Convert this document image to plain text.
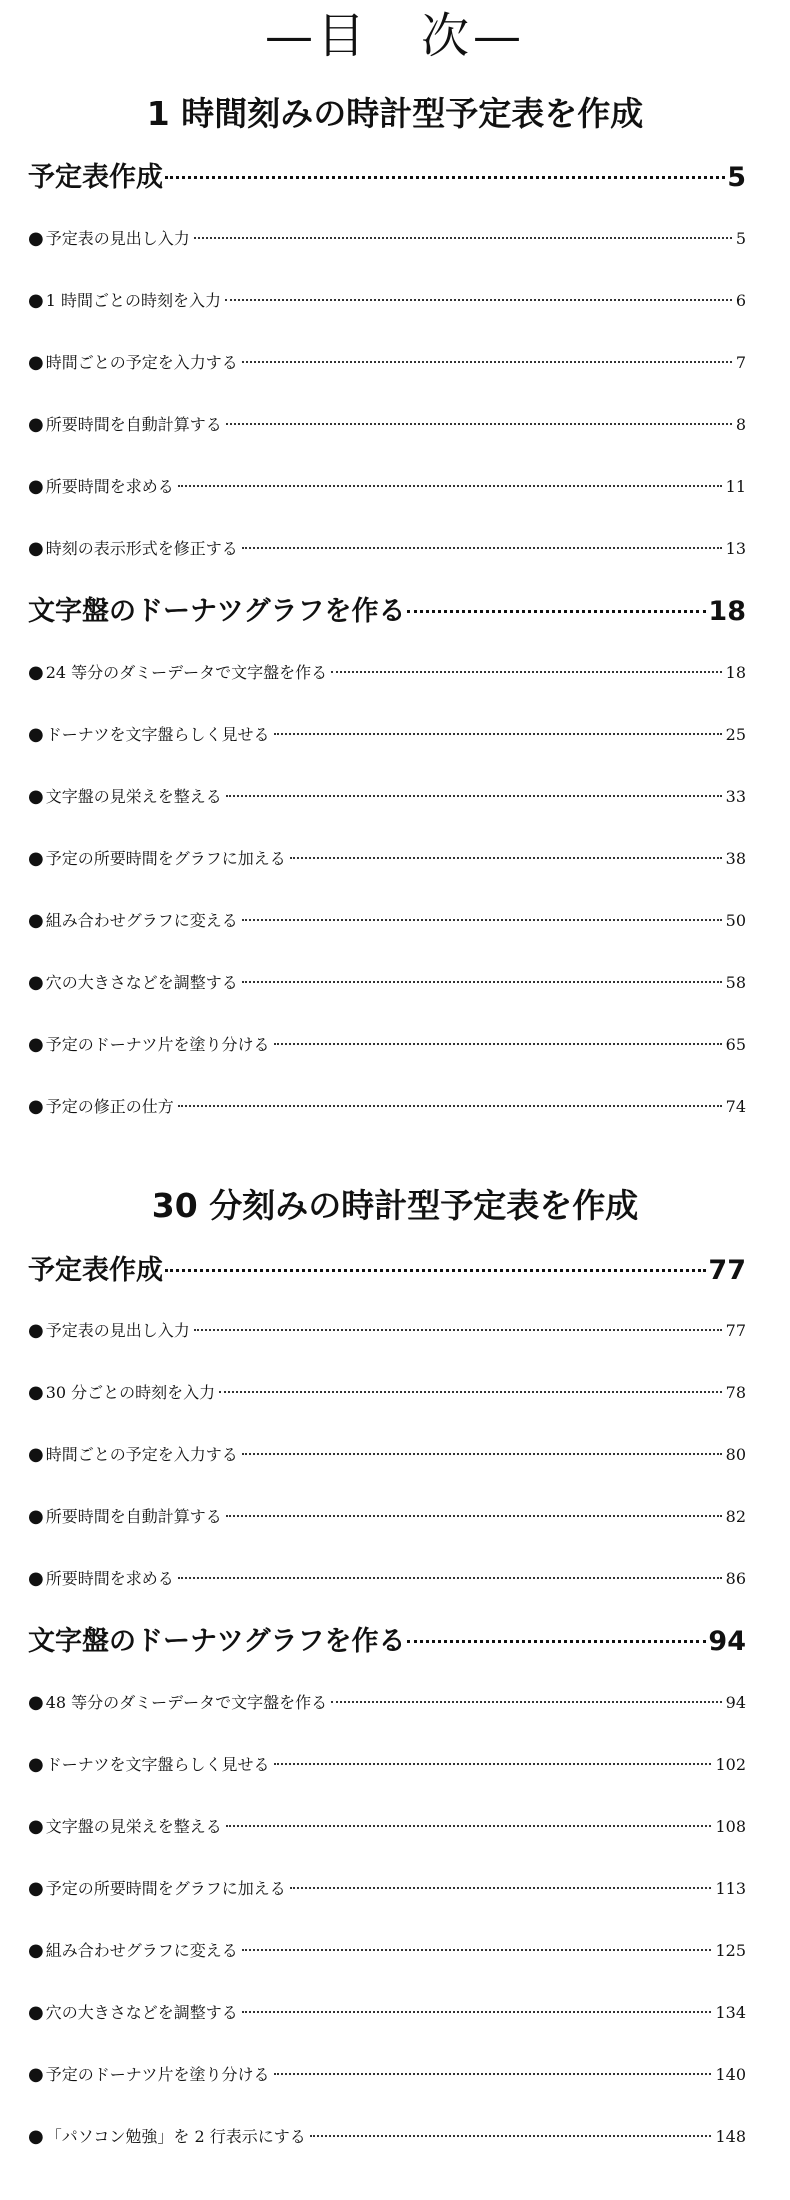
—目　次—
1 時間刻みの時計型予定表を作成
予定表作成	5
● 予定表の見出し入力	5
● 1 時間ごとの時刻を入力	6
● 時間ごとの予定を入力する	7
● 所要時間を自動計算する	8
● 所要時間を求める	11
● 時刻の表示形式を修正する	13
文字盤のドーナツグラフを作る	18
● 24 等分のダミーデータで文字盤を作る	18
● ドーナツを文字盤らしく見せる	25
● 文字盤の見栄えを整える	33
● 予定の所要時間をグラフに加える	38
● 組み合わせグラフに変える	50
● 穴の大きさなどを調整する	58
● 予定のドーナツ片を塗り分ける	65
● 予定の修正の仕方	74
30 分刻みの時計型予定表を作成
予定表作成	77
● 予定表の見出し入力	77
● 30 分ごとの時刻を入力	78
● 時間ごとの予定を入力する	80
● 所要時間を自動計算する	82
● 所要時間を求める	86
文字盤のドーナツグラフを作る	94
● 48 等分のダミーデータで文字盤を作る	94
● ドーナツを文字盤らしく見せる	102
● 文字盤の見栄えを整える	108
● 予定の所要時間をグラフに加える	113
● 組み合わせグラフに変える	125
● 穴の大きさなどを調整する	134
● 予定のドーナツ片を塗り分ける	140
● 「パソコン勉強」を 2 行表示にする	148
